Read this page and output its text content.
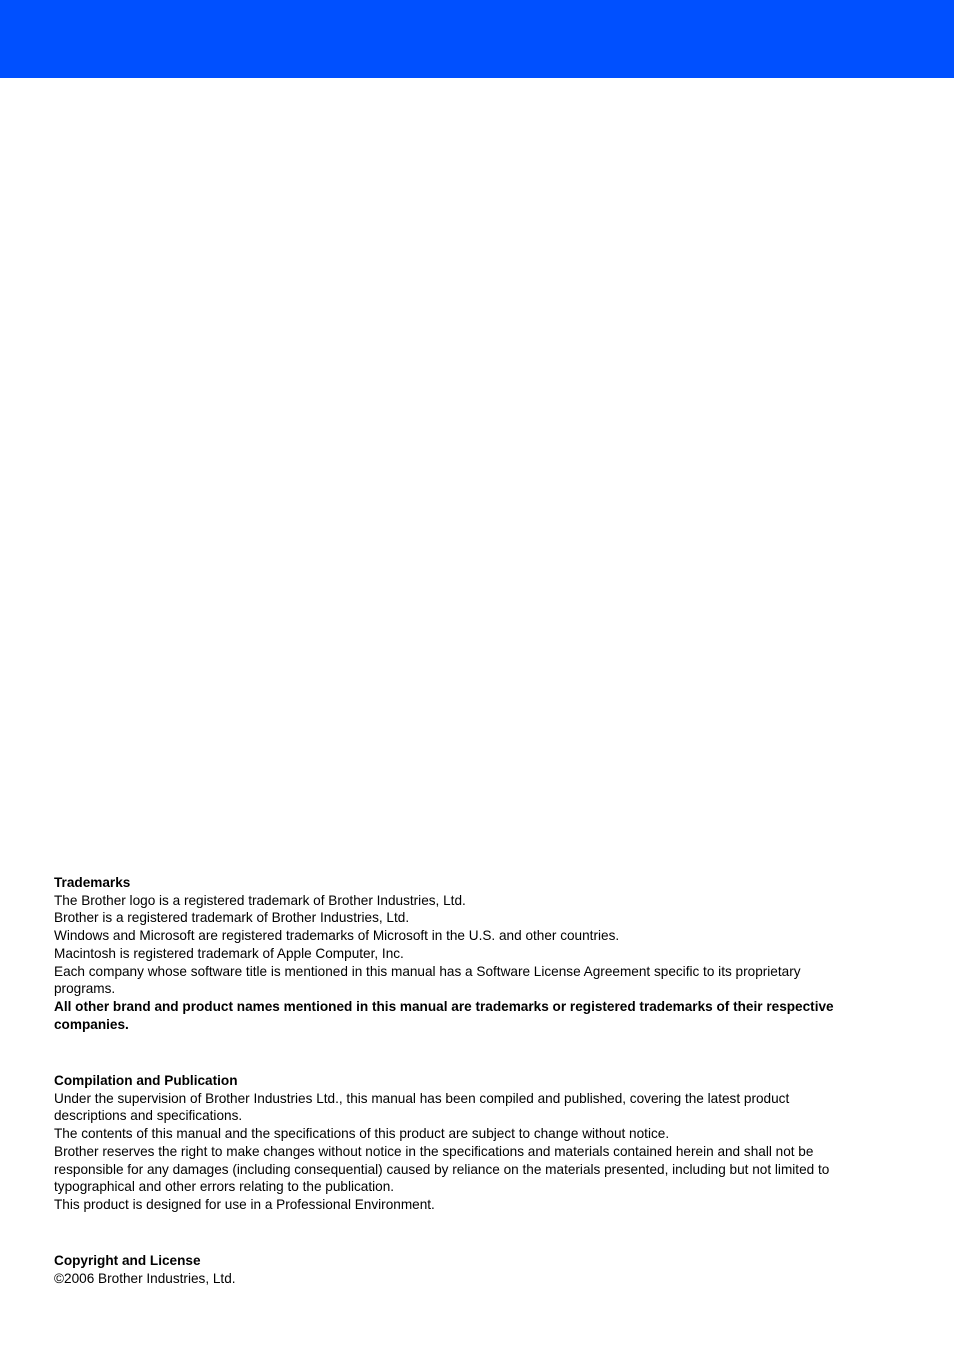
Trademarks

The Brother logo is a registered trademark of Brother Industries, Ltd.

Brother is a registered trademark of Brother Industries, Ltd.

Windows and Microsoft are registered trademarks of Microsoft in the U.S. and other countries.

Macintosh is registered trademark of Apple Computer, Inc.

Each company whose software title is mentioned in this manual has a Software License Agreement specific to its proprietary programs.

All other brand and product names mentioned in this manual are trademarks or registered trademarks of their respective companies.

Compilation and Publication

Under the supervision of Brother Industries Ltd., this manual has been compiled and published, covering the latest product descriptions and specifications.

The contents of this manual and the specifications of this product are subject to change without notice.

Brother reserves the right to make changes without notice in the specifications and materials contained herein and shall not be responsible for any damages (including consequential) caused by reliance on the materials presented, including but not limited to typographical and other errors relating to the publication.

This product is designed for use in a Professional Environment.

Copyright and License

©2006 Brother Industries, Ltd.
